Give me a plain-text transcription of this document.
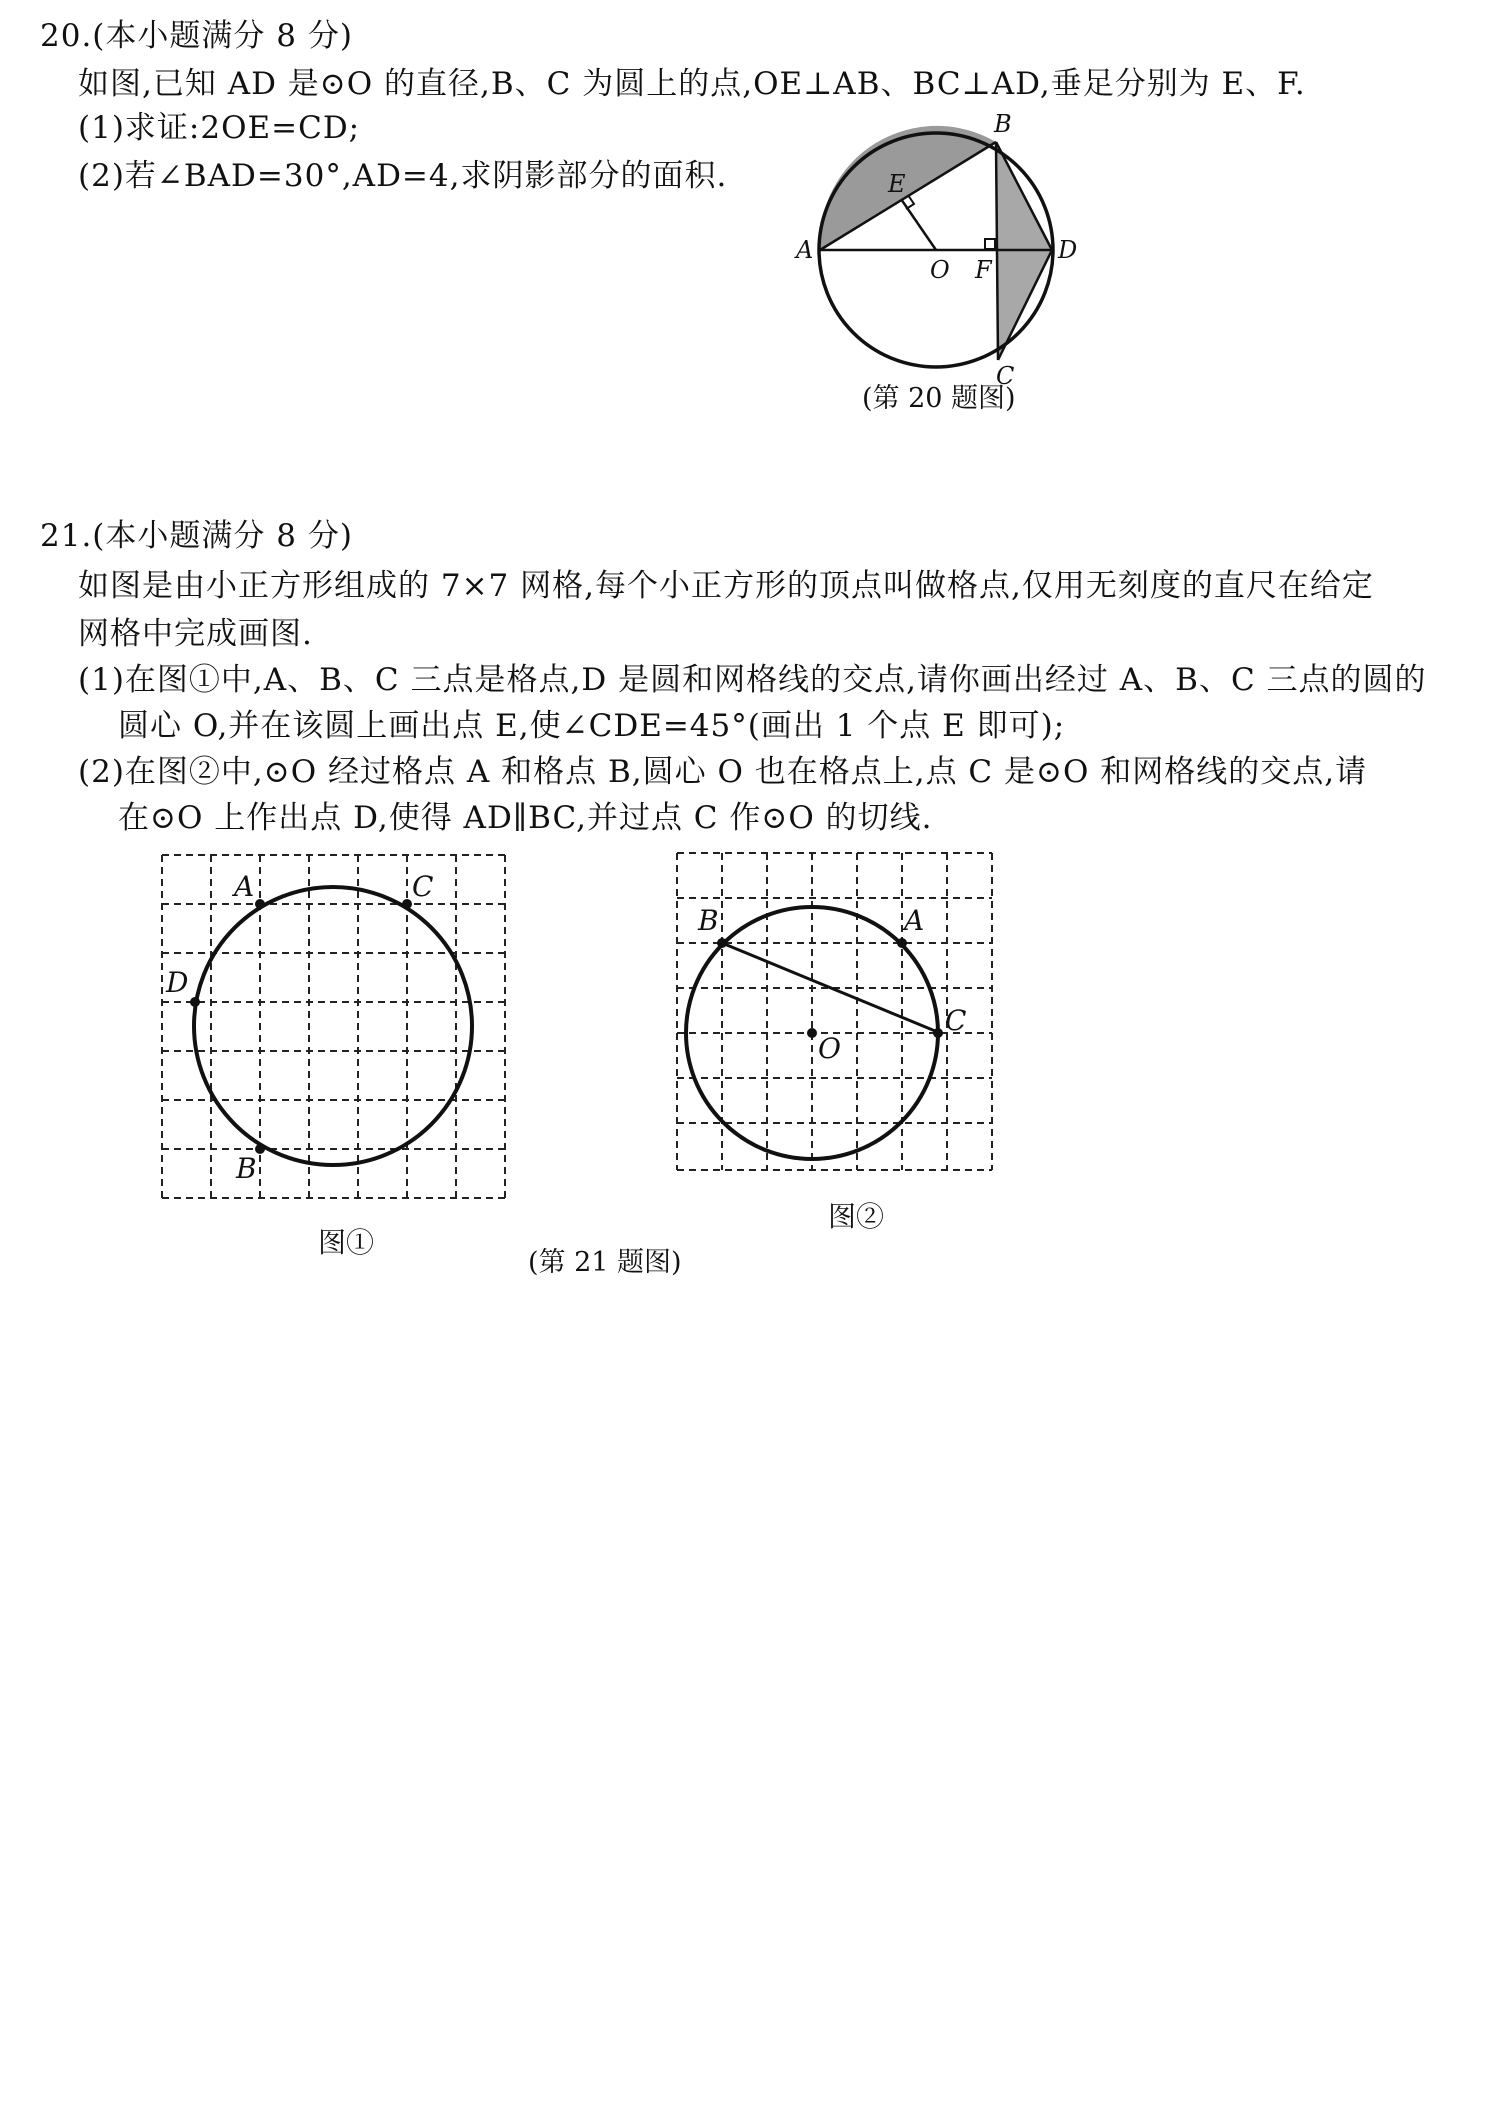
20.(本小题满分 8 分)
如图,已知 AD 是⊙O 的直径,B、C 为圆上的点,OE⊥AB、BC⊥AD,垂足分别为 E、F.
(1)求证:2OE=CD;
(2)若∠BAD=30°,AD=4,求阴影部分的面积.
A
B
C
D
E
O F
(第 20 题图)
21.(本小题满分 8 分)
如图是由小正方形组成的 7×7 网格,每个小正方形的顶点叫做格点,仅用无刻度的直尺在给定
网格中完成画图.
(1)在图①中,A、B、C 三点是格点,D 是圆和网格线的交点,请你画出经过 A、B、C 三点的圆的
圆心 O,并在该圆上画出点 E,使∠CDE=45°(画出 1 个点 E 即可);
(2)在图②中,⊙O 经过格点 A 和格点 B,圆心 O 也在格点上,点 C 是⊙O 和网格线的交点,请
在⊙O 上作出点 D,使得 AD∥BC,并过点 C 作⊙O 的切线.
A	C
D
B
图①
B	A
C
O
图②
(第 21 题图)
